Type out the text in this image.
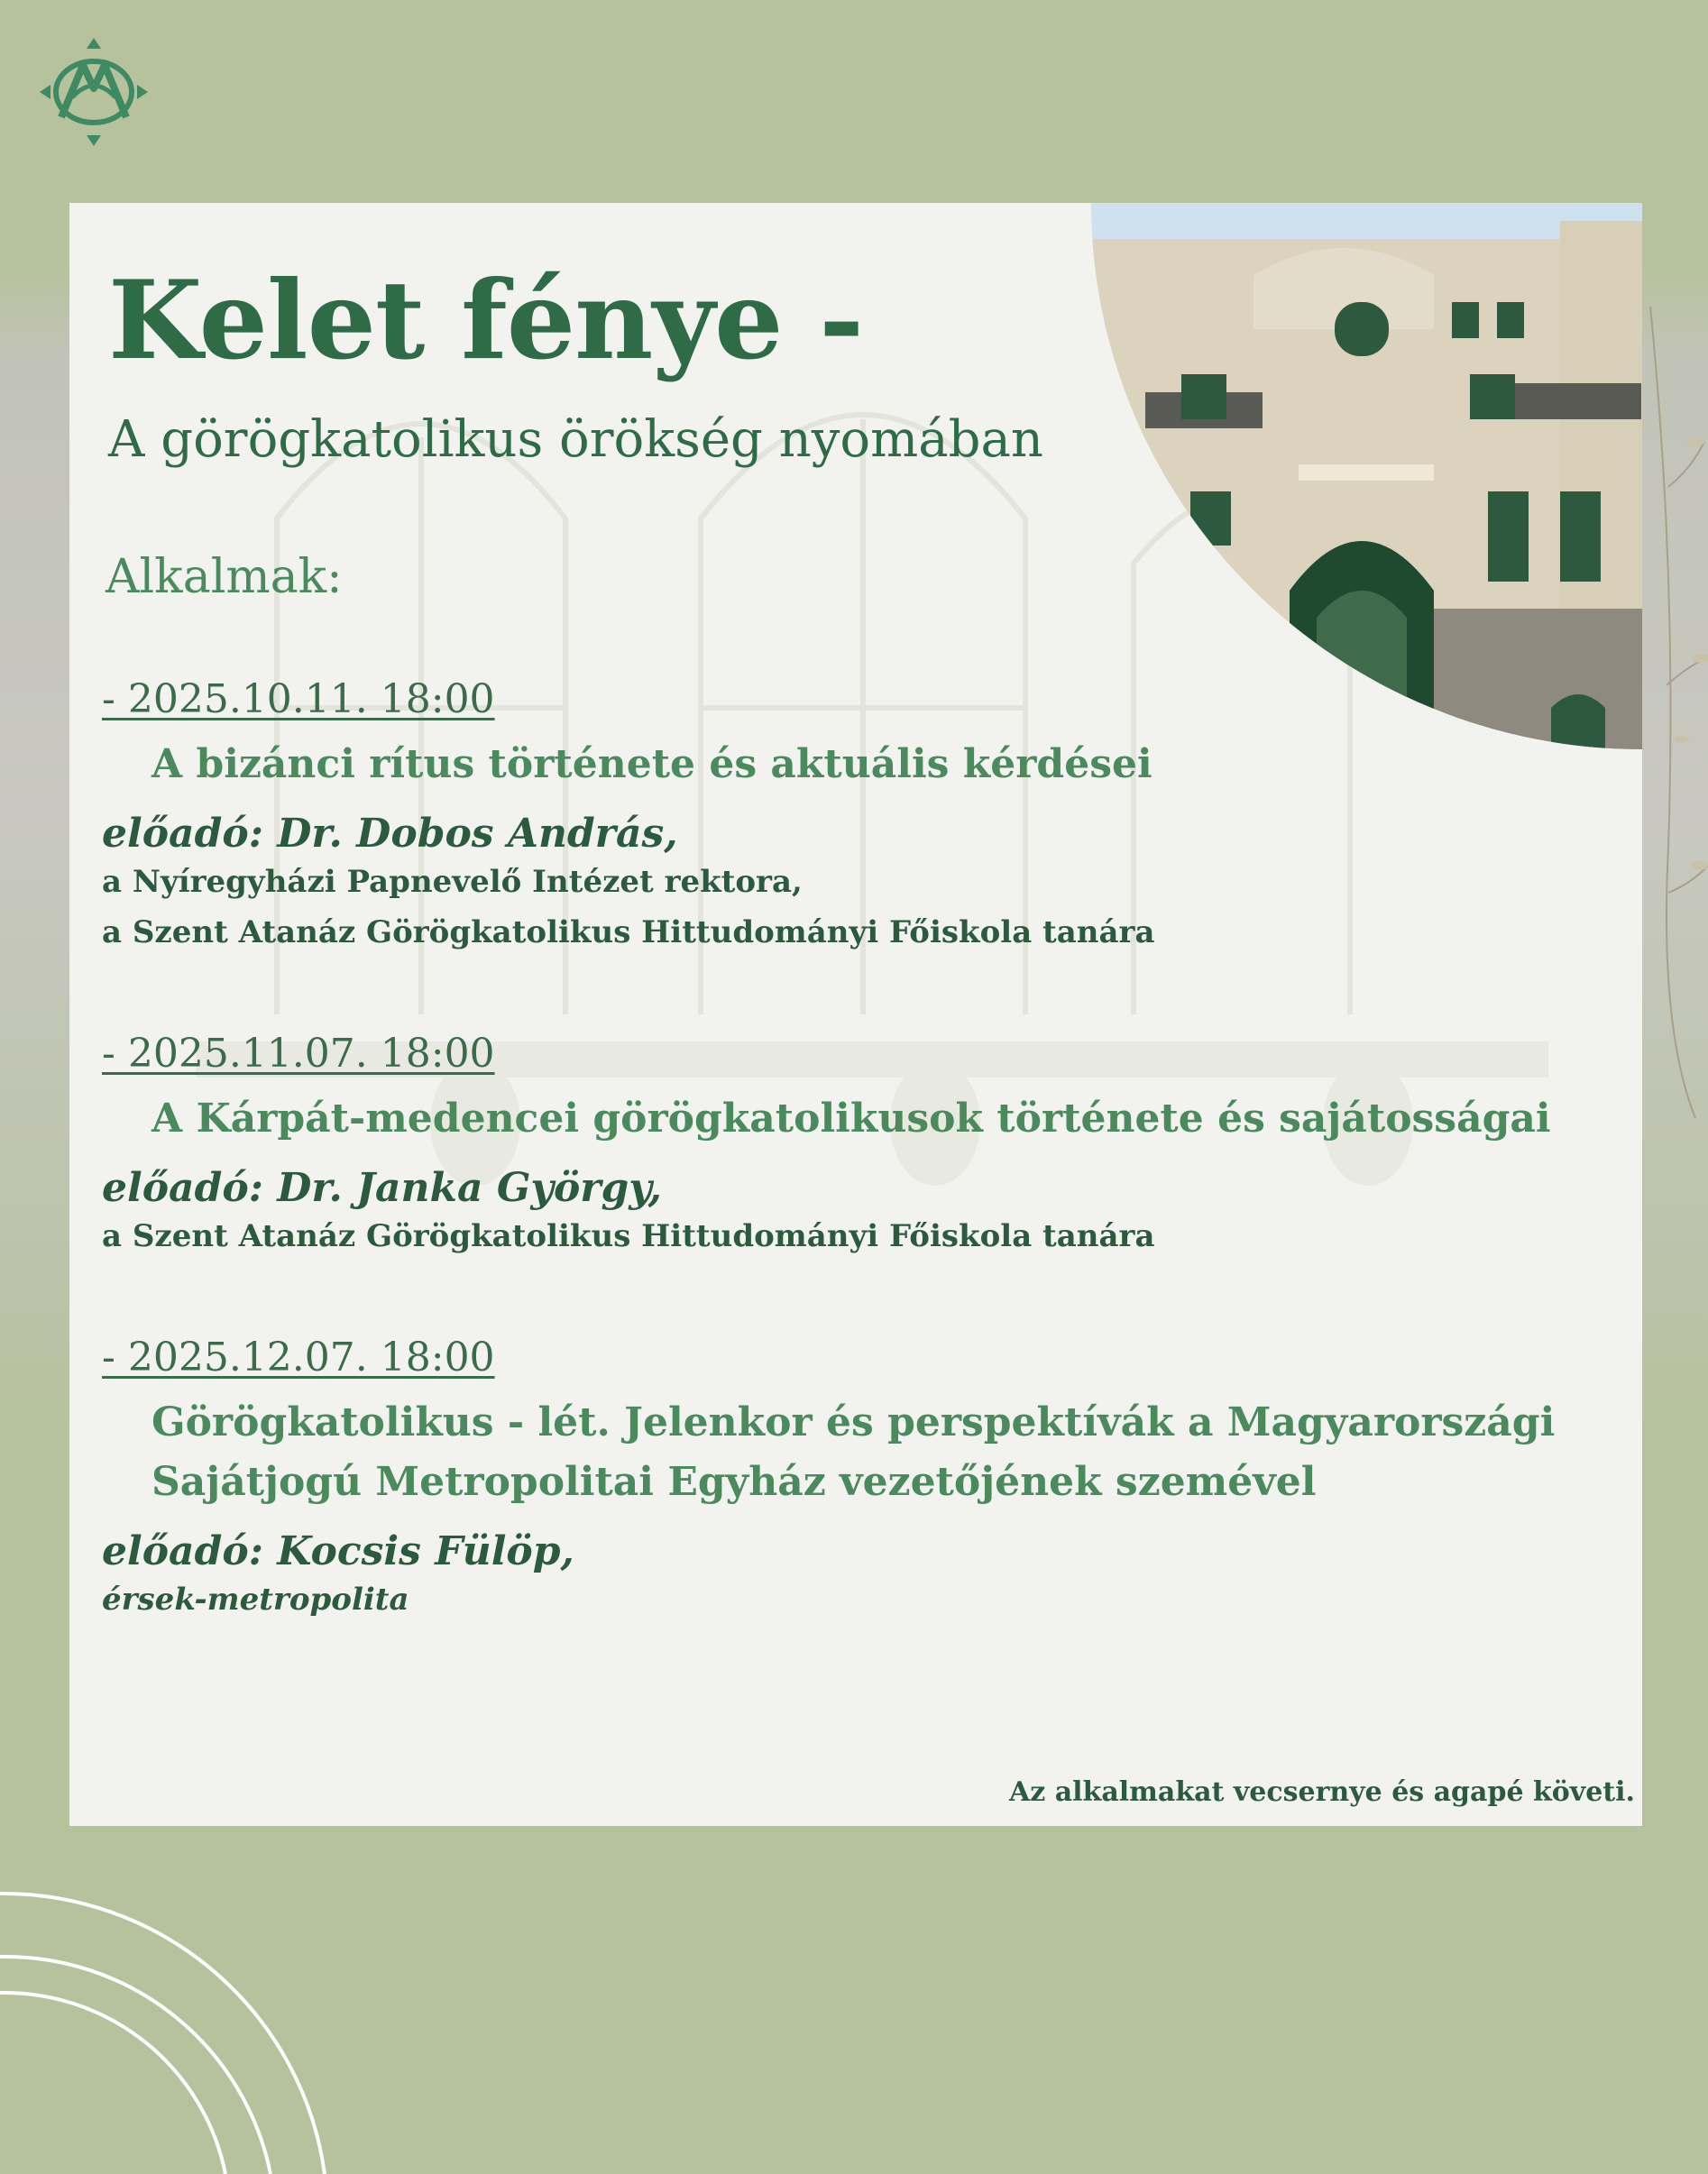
Kelet fénye -
A görögkatolikus örökség nyomában
Alkalmak:
- 2025.10.11. 18:00
A bizánci rítus története és aktuális kérdései
előadó: Dr. Dobos András,
a Nyíregyházi Papnevelő Intézet rektora,
a Szent Atanáz Görögkatolikus Hittudományi Főiskola tanára
- 2025.11.07. 18:00
A Kárpát-medencei görögkatolikusok története és sajátosságai
előadó: Dr. Janka György,
a Szent Atanáz Görögkatolikus Hittudományi Főiskola tanára
- 2025.12.07. 18:00
Görögkatolikus - lét. Jelenkor és perspektívák a Magyarországi
Sajátjogú Metropolitai Egyház vezetőjének szemével
előadó: Kocsis Fülöp,
érsek-metropolita
Az alkalmakat vecsernye és agapé követi.
